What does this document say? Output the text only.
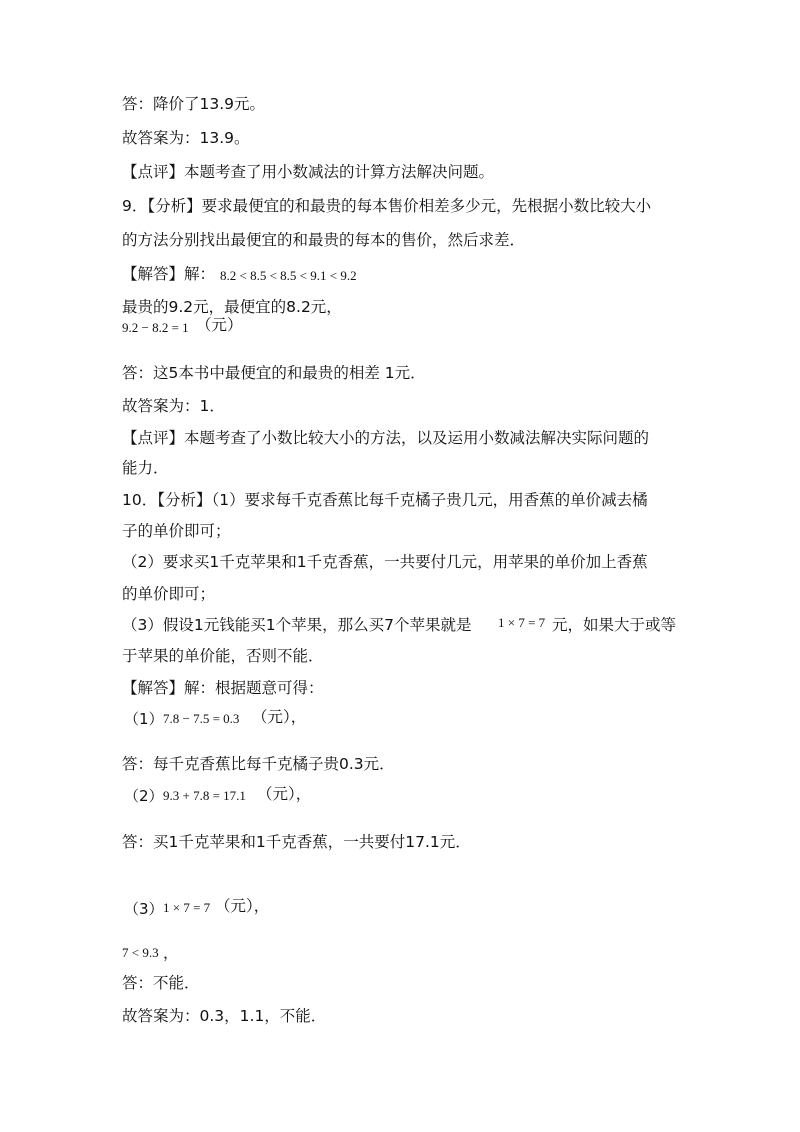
答：降价了13.9元。
故答案为：13.9。
【点评】本题考查了用小数减法的计算方法解决问题。
9．【分析】要求最便宜的和最贵的每本售价相差多少元，先根据小数比较大小
的方法分别找出最便宜的和最贵的每本的售价，然后求差．
【解答】解： 8.2 < 8.5 < 8.5 < 9.1 < 9.2
最贵的9.2元，最便宜的8.2元，
9.2 − 8.2 = 1 （元）
答：这5本书中最便宜的和最贵的相差 1元．
故答案为：1．
【点评】本题考查了小数比较大小的方法，以及运用小数减法解决实际问题的
能力．
10．【分析】（1）要求每千克香蕉比每千克橘子贵几元，用香蕉的单价减去橘
子的单价即可；
（2）要求买1千克苹果和1千克香蕉，一共要付几元，用苹果的单价加上香蕉
的单价即可；
（3）假设1元钱能买1个苹果，那么买7个苹果就是 1 × 7 = 7 元，如果大于或等
于苹果的单价能，否则不能．
【解答】解：根据题意可得：
（1） 7.8 − 7.5 = 0.3 （元），
答：每千克香蕉比每千克橘子贵0.3元．
（2） 9.3 + 7.8 = 17.1 （元），
答：买1千克苹果和1千克香蕉，一共要付17.1元．
（3） 1 × 7 = 7 （元），
7 < 9.3 ，
答：不能．
故答案为：0.3，1.1，不能．
